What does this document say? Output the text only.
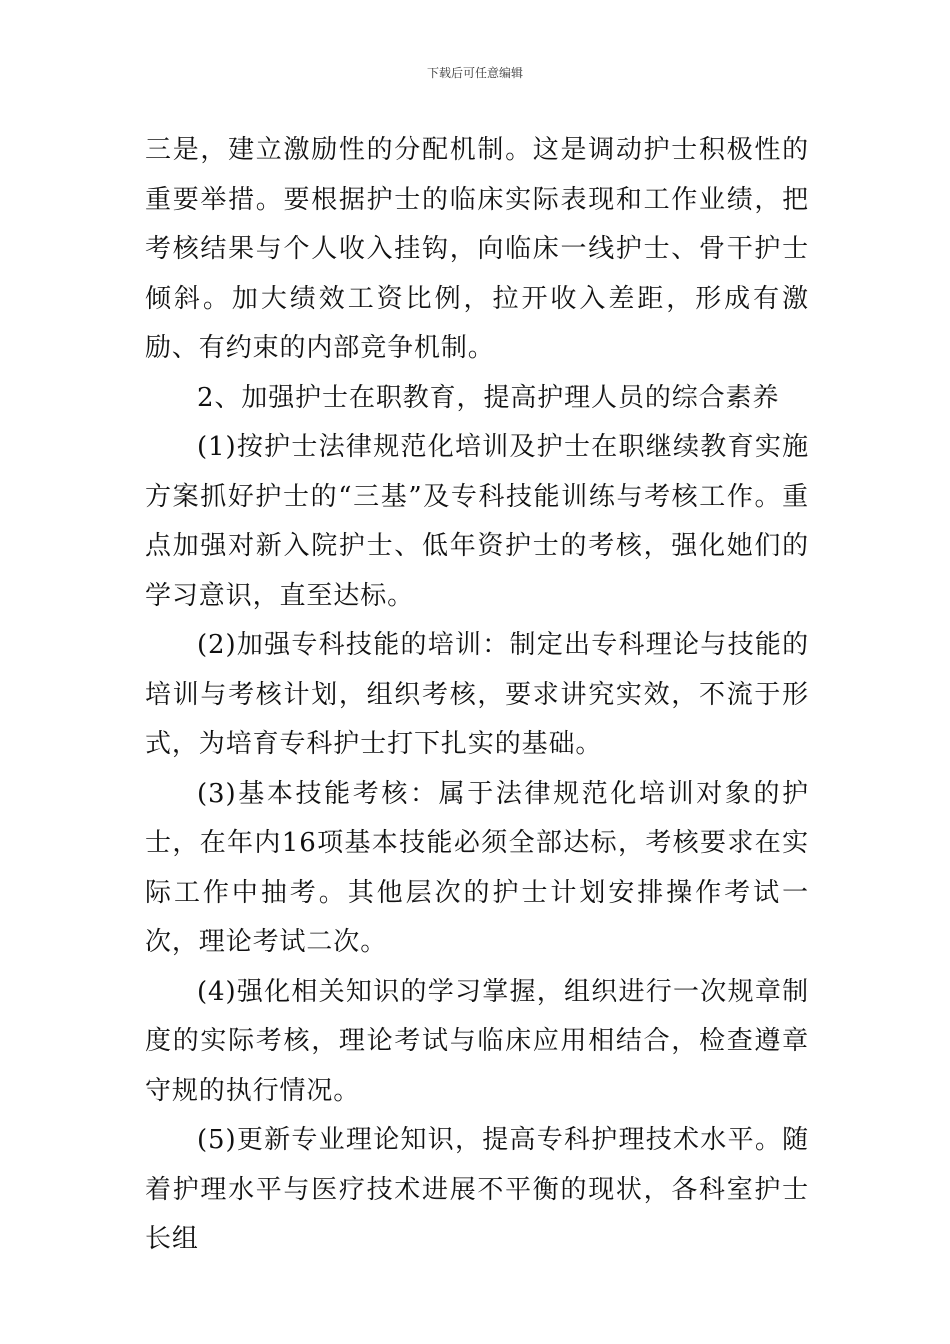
下载后可任意编辑

三是，建立激励性的分配机制。这是调动护士积极性的重要举措。要根据护士的临床实际表现和工作业绩，把考核结果与个人收入挂钩，向临床一线护士、骨干护士倾斜。加大绩效工资比例，拉开收入差距，形成有激励、有约束的内部竞争机制。

2、加强护士在职教育，提高护理人员的综合素养

(1)按护士法律规范化培训及护士在职继续教育实施方案抓好护士的“三基”及专科技能训练与考核工作。重点加强对新入院护士、低年资护士的考核，强化她们的学习意识，直至达标。

(2)加强专科技能的培训：制定出专科理论与技能的培训与考核计划，组织考核，要求讲究实效，不流于形式，为培育专科护士打下扎实的基础。

(3)基本技能考核：属于法律规范化培训对象的护士，在年内16项基本技能必须全部达标，考核要求在实际工作中抽考。其他层次的护士计划安排操作考试一次，理论考试二次。

(4)强化相关知识的学习掌握，组织进行一次规章制度的实际考核，理论考试与临床应用相结合，检查遵章守规的执行情况。

(5)更新专业理论知识，提高专科护理技术水平。随着护理水平与医疗技术进展不平衡的现状，各科室护士长组
